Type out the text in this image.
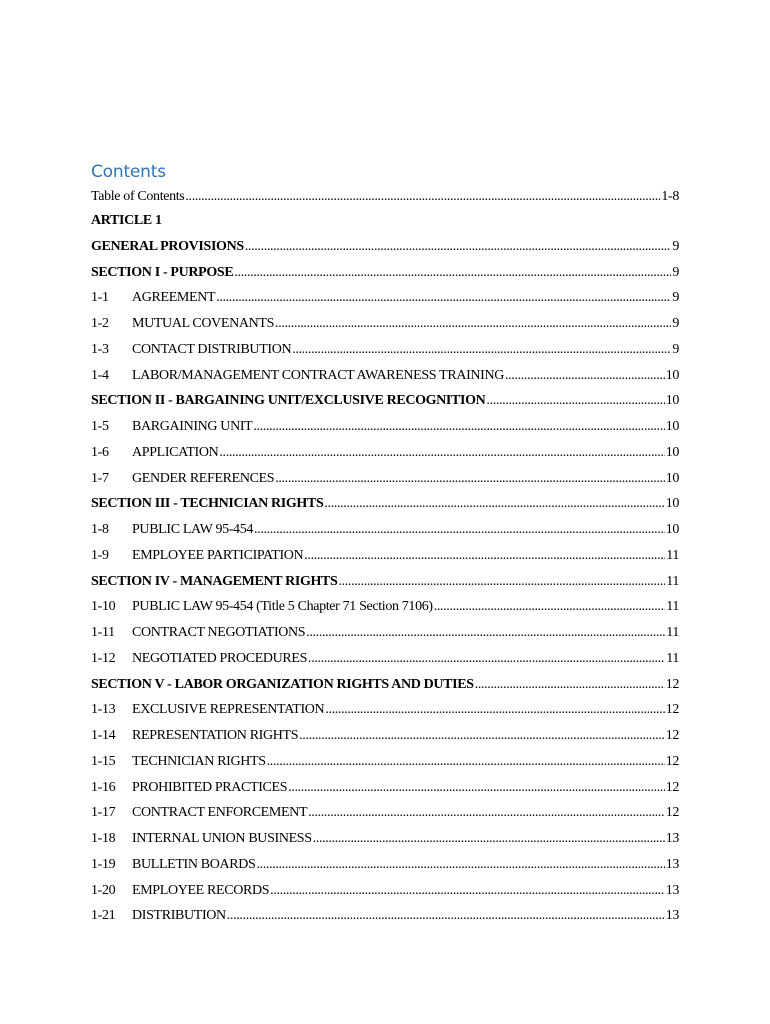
Contents
Table of Contents .....	1-8
ARTICLE 1
GENERAL PROVISIONS .....	9
SECTION I - PURPOSE .....	9
1-1	AGREEMENT .....	9
1-2	MUTUAL COVENANTS .....	9
1-3	CONTACT DISTRIBUTION .....	9
1-4	LABOR/MANAGEMENT CONTRACT AWARENESS TRAINING .....	10
SECTION II - BARGAINING UNIT/EXCLUSIVE RECOGNITION .....	10
1-5	BARGAINING UNIT .....	10
1-6	APPLICATION .....	10
1-7	GENDER REFERENCES .....	10
SECTION III - TECHNICIAN RIGHTS .....	10
1-8	PUBLIC LAW 95-454 .....	10
1-9	EMPLOYEE PARTICIPATION .....	11
SECTION IV - MANAGEMENT RIGHTS .....	11
1-10	PUBLIC LAW 95-454 (Title 5 Chapter 71 Section 7106) .....	11
1-11	CONTRACT NEGOTIATIONS .....	11
1-12	NEGOTIATED PROCEDURES .....	11
SECTION V - LABOR ORGANIZATION RIGHTS AND DUTIES .....	12
1-13	EXCLUSIVE REPRESENTATION .....	12
1-14	REPRESENTATION RIGHTS .....	12
1-15	TECHNICIAN RIGHTS .....	12
1-16	PROHIBITED PRACTICES .....	12
1-17	CONTRACT ENFORCEMENT .....	12
1-18	INTERNAL UNION BUSINESS .....	13
1-19	BULLETIN BOARDS .....	13
1-20	EMPLOYEE RECORDS .....	13
1-21	DISTRIBUTION .....	13
